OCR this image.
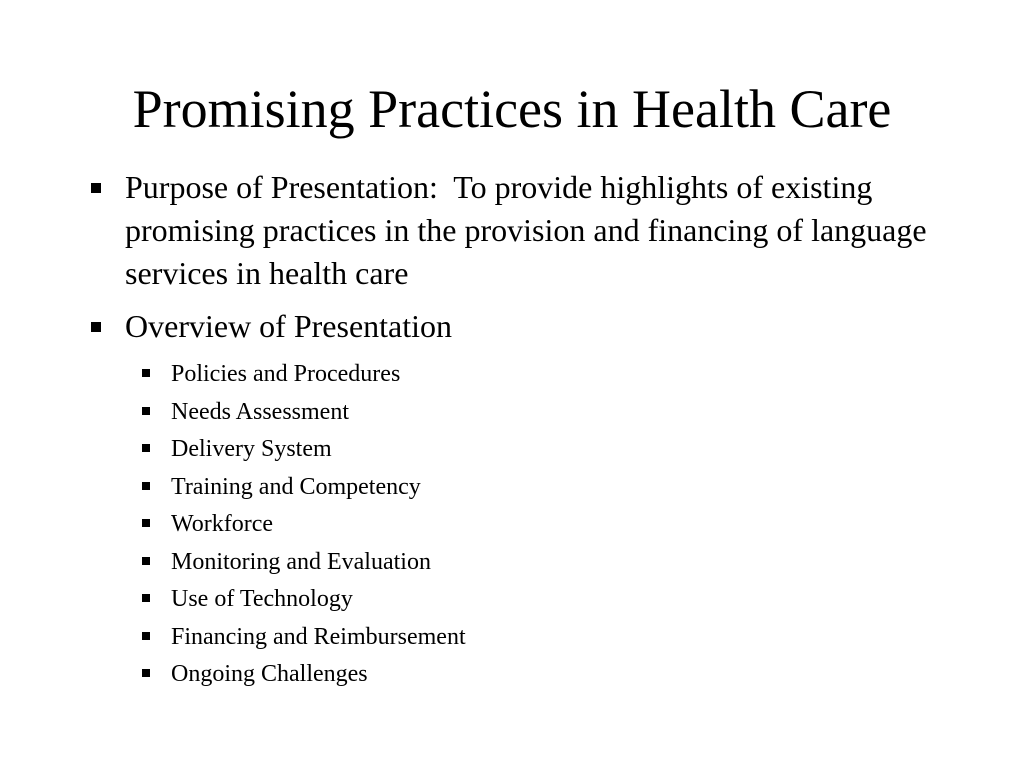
Promising Practices in Health Care
Purpose of Presentation:  To provide highlights of existing promising practices in the provision and financing of language services in health care
Overview of Presentation
Policies and Procedures
Needs Assessment
Delivery System
Training and Competency
Workforce
Monitoring and Evaluation
Use of Technology
Financing and Reimbursement
Ongoing Challenges
